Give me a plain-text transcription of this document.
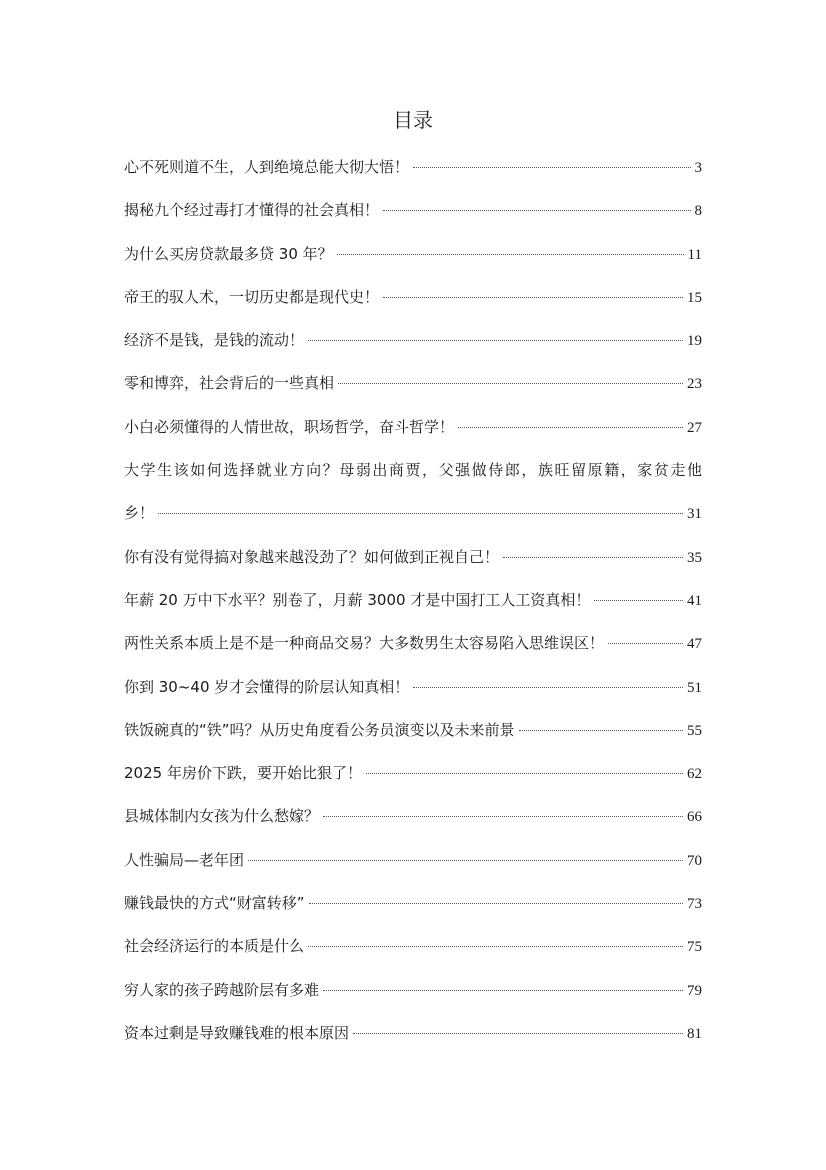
目录
心不死则道不生，人到绝境总能大彻大悟！	3
揭秘九个经过毒打才懂得的社会真相！	8
为什么买房贷款最多贷 30 年？	11
帝王的驭人术，一切历史都是现代史！	15
经济不是钱，是钱的流动！	19
零和博弈，社会背后的一些真相	23
小白必须懂得的人情世故，职场哲学，奋斗哲学！	27
大学生该如何选择就业方向？母弱出商贾，父强做侍郎，族旺留原籍，家贫走他
乡！	31
你有没有觉得搞对象越来越没劲了？如何做到正视自己！	35
年薪 20 万中下水平？别卷了，月薪 3000 才是中国打工人工资真相！	41
两性关系本质上是不是一种商品交易？大多数男生太容易陷入思维误区！	47
你到 30~40 岁才会懂得的阶层认知真相！	51
铁饭碗真的“铁”吗？从历史角度看公务员演变以及未来前景	55
2025 年房价下跌，要开始比狠了！	62
县城体制内女孩为什么愁嫁？	66
人性骗局—老年团	70
赚钱最快的方式“财富转移”	73
社会经济运行的本质是什么	75
穷人家的孩子跨越阶层有多难	79
资本过剩是导致赚钱难的根本原因	81
